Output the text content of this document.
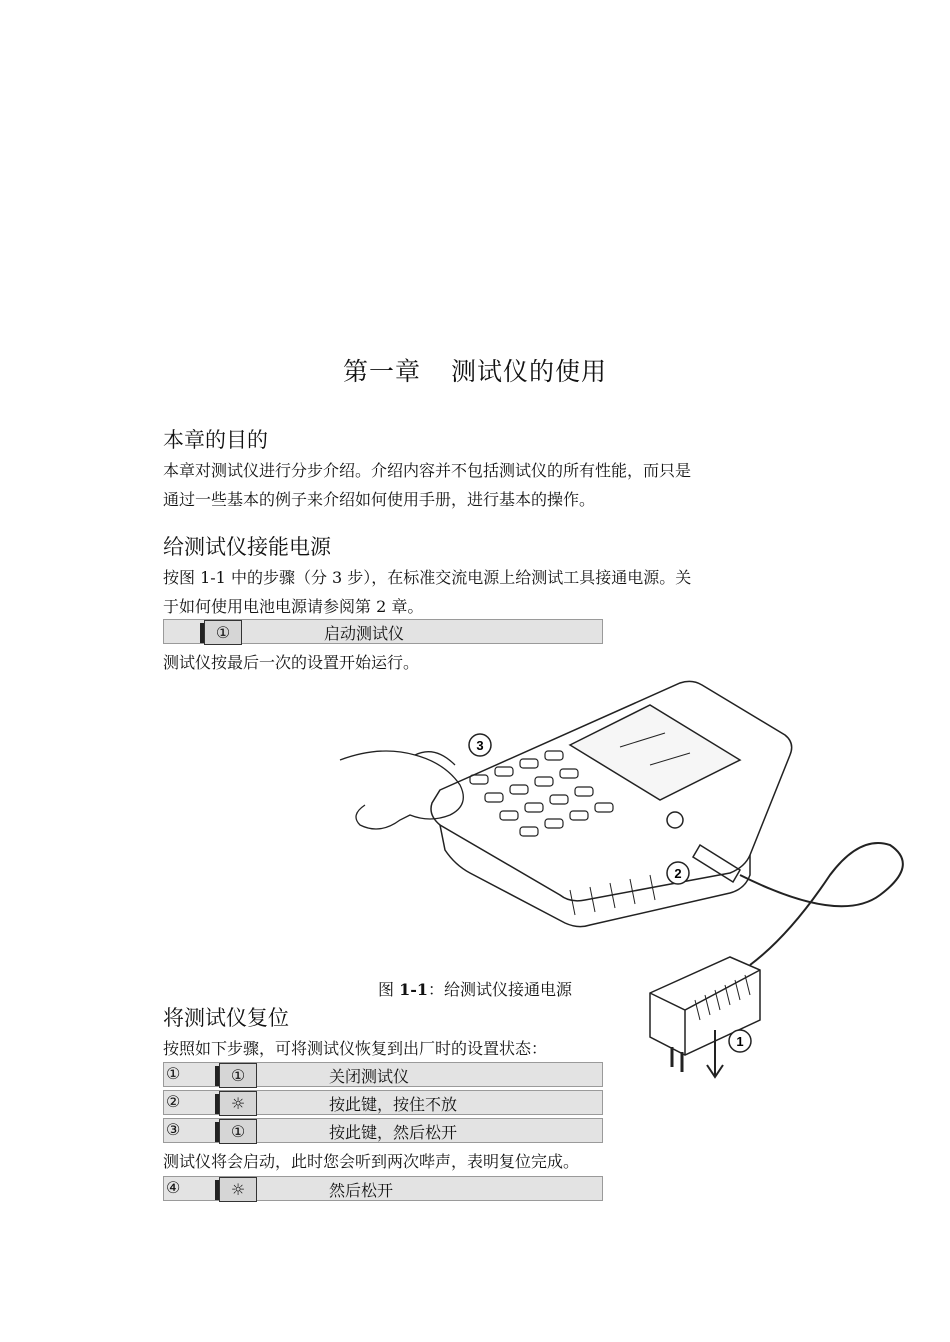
第一章 测试仪的使用
本章的目的
本章对测试仪进行分步介绍。介绍内容并不包括测试仪的所有性能，而只是
通过一些基本的例子来介绍如何使用手册，进行基本的操作。
给测试仪接能电源
按图 1-1 中的步骤（分 3 步），在标准交流电源上给测试工具接通电源。关
于如何使用电池电源请参阅第 2 章。
①	启动测试仪
测试仪按最后一次的设置开始运行。
3
2
1
图 1-1：给测试仪接通电源
将测试仪复位
按照如下步骤，可将测试仪恢复到出厂时的设置状态：
①	①	关闭测试仪
②	☼	按此键，按住不放
③	①	按此键，然后松开
测试仪将会启动，此时您会听到两次哔声，表明复位完成。
④	☼	然后松开
